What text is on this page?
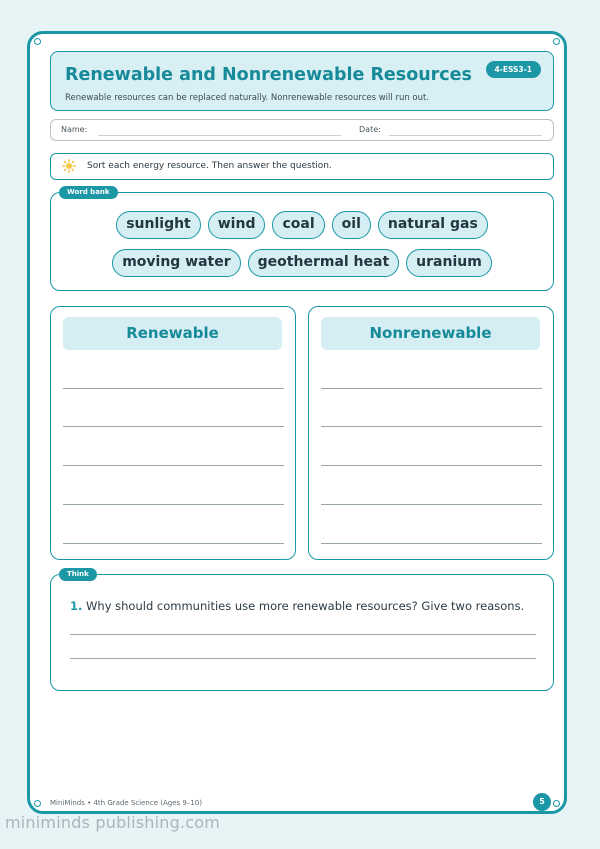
Renewable and Nonrenewable Resources	4-ESS3-1
Renewable resources can be replaced naturally. Nonrenewable resources will run out.
Name:	Date:
Sort each energy resource. Then answer the question.
Word bank
sunlight	wind	coal	oil	natural gas
moving water	geothermal heat	uranium
Renewable	Nonrenewable
Think
1. Why should communities use more renewable resources? Give two reasons.
MiniMinds • 4th Grade Science (Ages 9–10)	5
miniminds publishing.com
